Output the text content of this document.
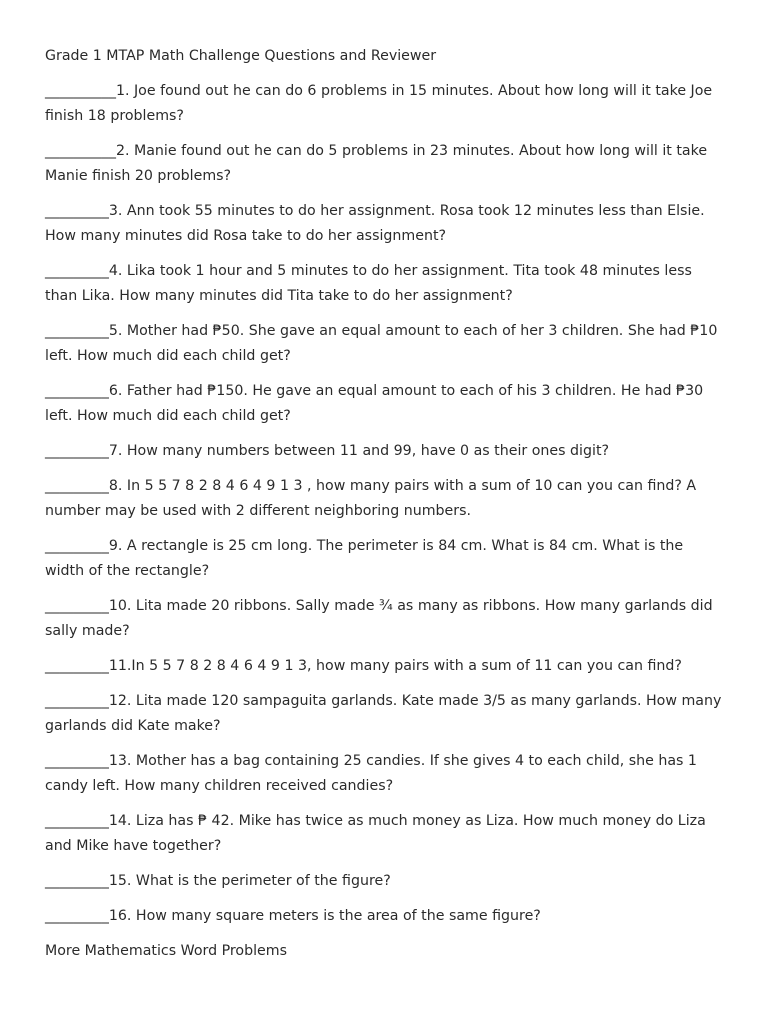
Grade 1 MTAP Math Challenge Questions and Reviewer

__________1. Joe found out he can do 6 problems in 15 minutes. About how long will it take Joe finish 18 problems?

__________2. Manie found out he can do 5 problems in 23 minutes. About how long will it take Manie finish 20 problems?

_________3. Ann took 55 minutes to do her assignment. Rosa took 12 minutes less than Elsie. How many minutes did Rosa take to do her assignment?

_________4. Lika took 1 hour and 5 minutes to do her assignment. Tita took 48 minutes less than Lika. How many minutes did Tita take to do her assignment?

_________5. Mother had ₱50. She gave an equal amount to each of her 3 children. She had ₱10 left. How much did each child get?

_________6. Father had ₱150. He gave an equal amount to each of his 3 children. He had ₱30 left. How much did each child get?

_________7. How many numbers between 11 and 99, have 0 as their ones digit?

_________8. In 5 5 7 8 2 8 4 6 4 9 1 3 , how many pairs with a sum of 10 can you can find? A number may be used with 2 different neighboring numbers.

_________9. A rectangle is 25 cm long. The perimeter is 84 cm. What is 84 cm. What is the width of the rectangle?

_________10. Lita made 20 ribbons. Sally made ¾ as many as ribbons. How many garlands did sally made?

_________11.In 5 5 7 8 2 8 4 6 4 9 1 3, how many pairs with a sum of 11 can you can find?

_________12. Lita made 120 sampaguita garlands. Kate made 3/5 as many garlands. How many garlands did Kate make?

_________13. Mother has a bag containing 25 candies. If she gives 4 to each child, she has 1 candy left. How many children received candies?

_________14. Liza has ₱ 42. Mike has twice as much money as Liza. How much money do Liza and Mike have together?

_________15. What is the perimeter of the figure?

_________16. How many square meters is the area of the same figure?

More Mathematics Word Problems
